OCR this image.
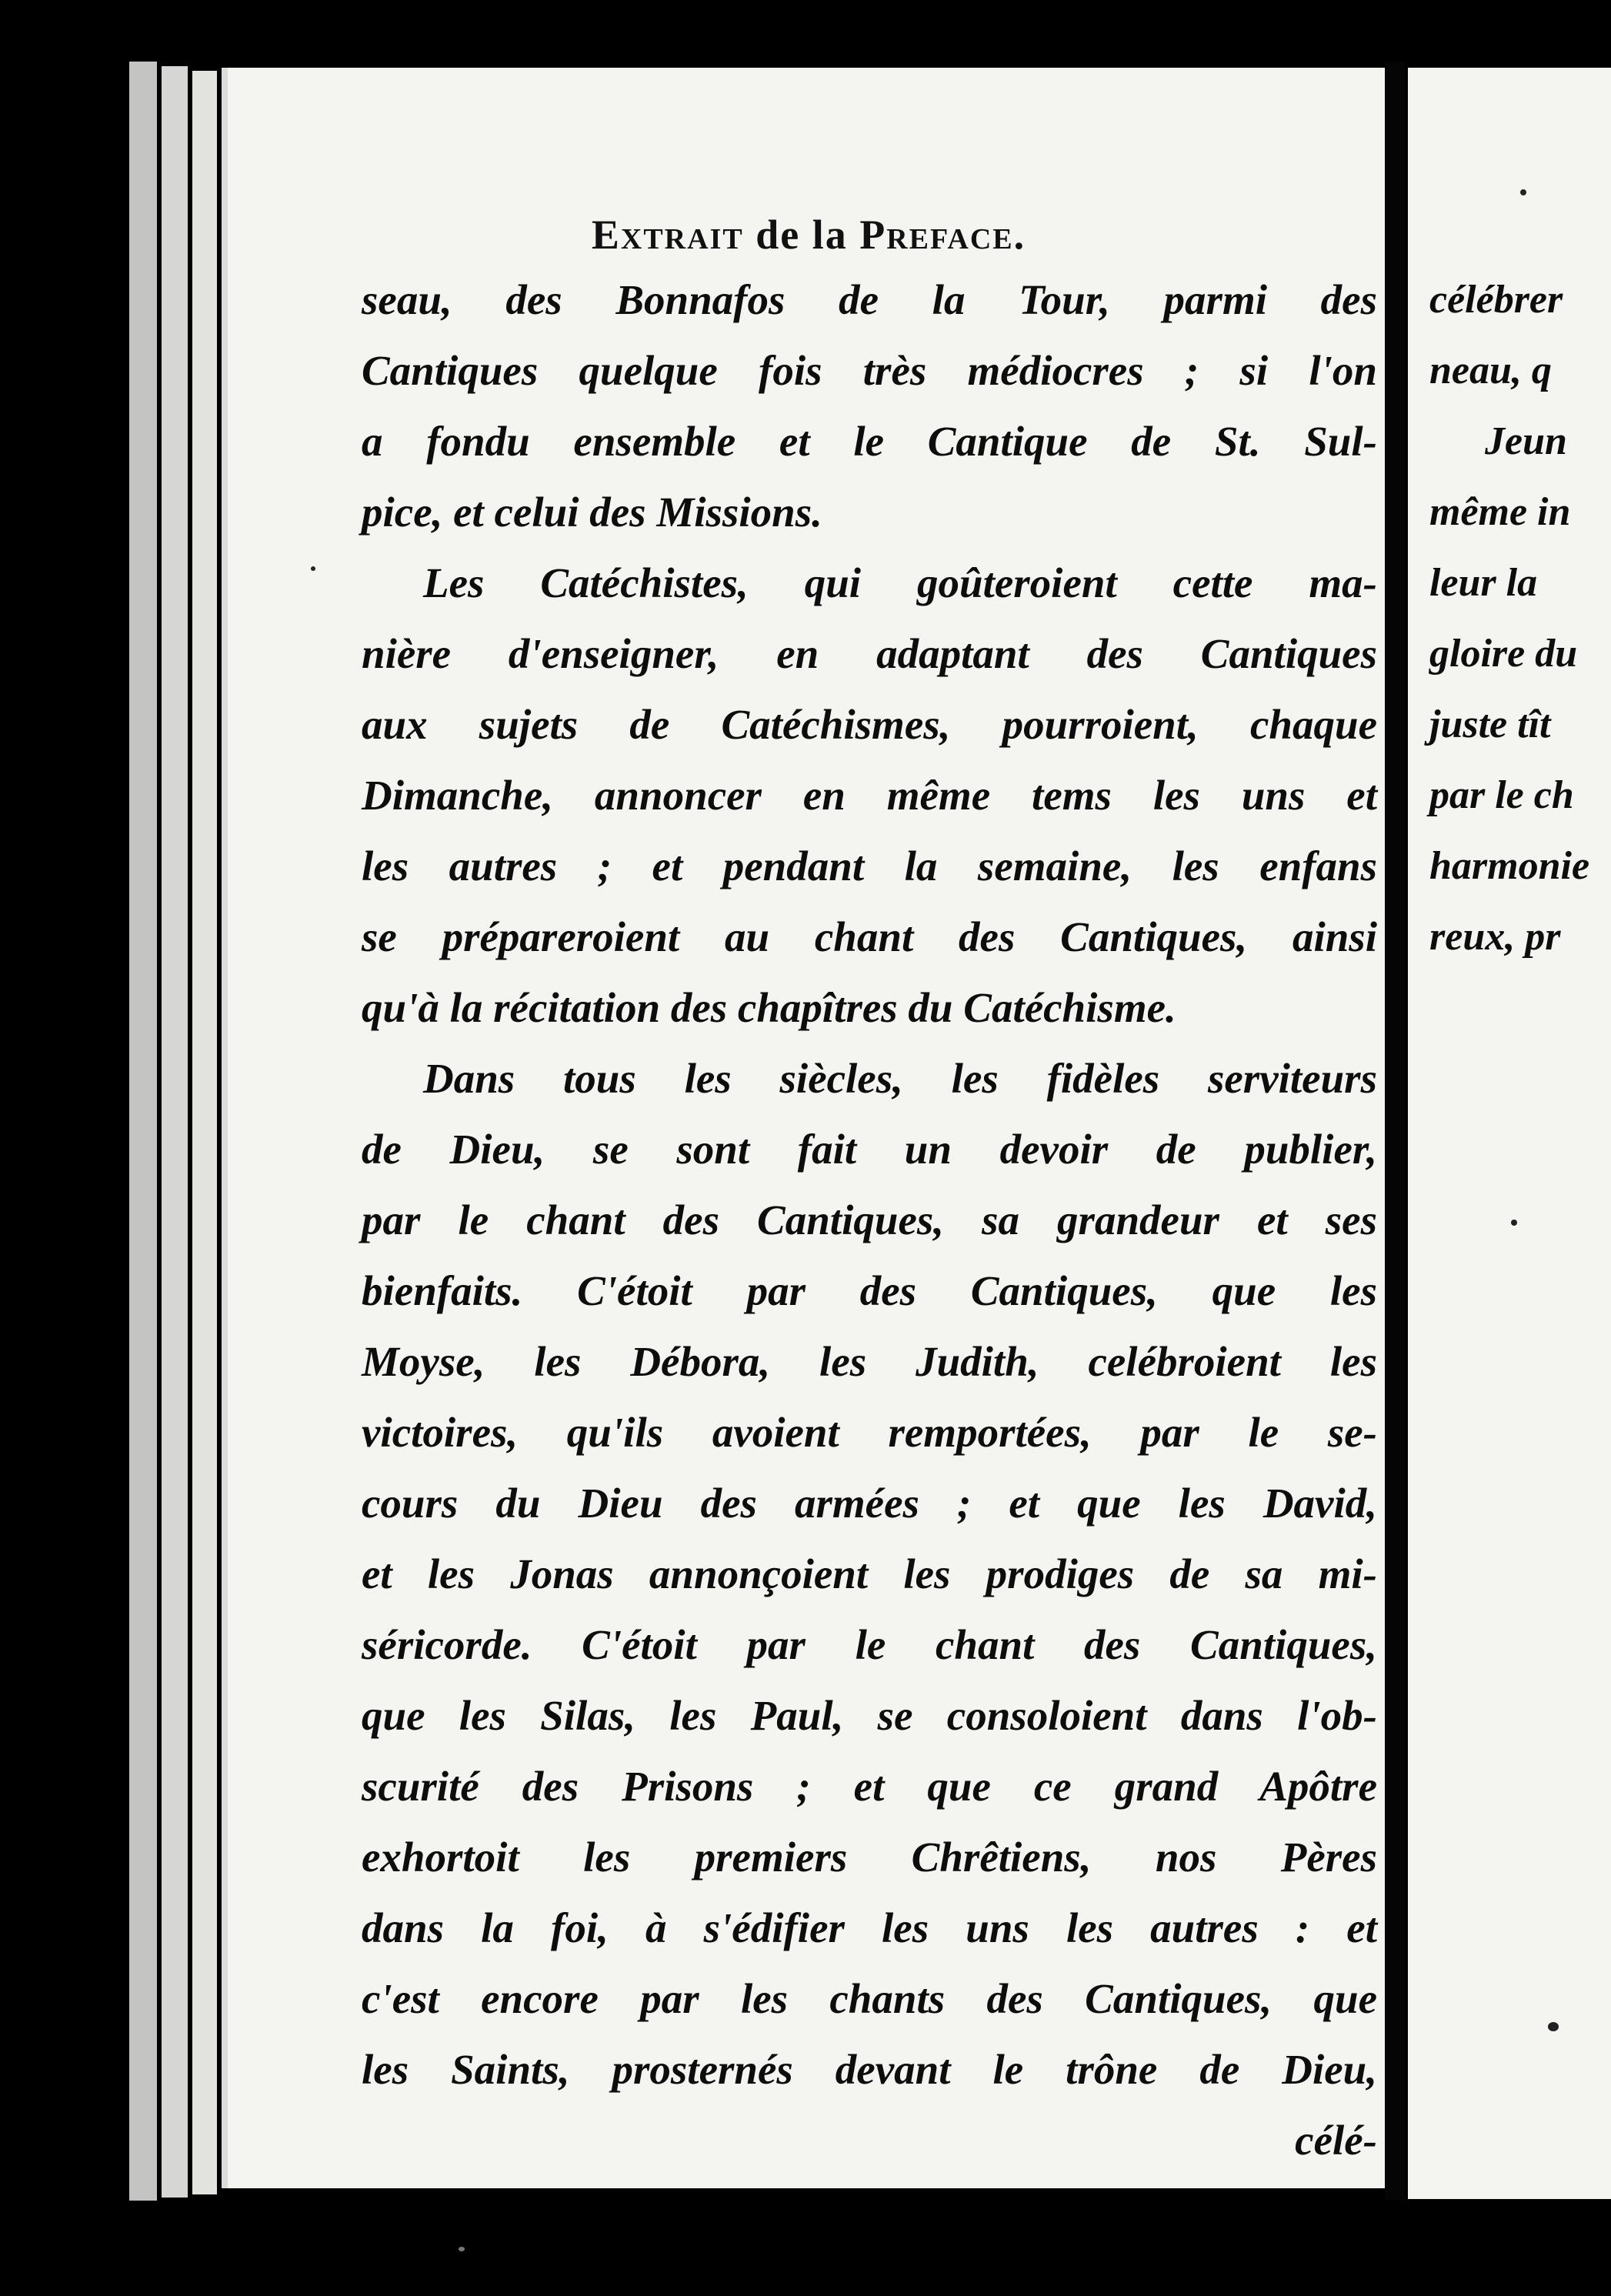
Extrait de la Preface.
seau, des Bonnafos de la Tour, parmi des
Cantiques quelque fois très médiocres ; si l'on
a fondu ensemble et le Cantique de St. Sul-
pice, et celui des Missions.
Les Catéchistes, qui goûteroient cette ma-
nière d'enseigner, en adaptant des Cantiques
aux sujets de Catéchismes, pourroient, chaque
Dimanche, annoncer en même tems les uns et
les autres ; et pendant la semaine, les enfans
se prépareroient au chant des Cantiques, ainsi
qu'à la récitation des chapîtres du Catéchisme.
Dans tous les siècles, les fidèles serviteurs
de Dieu, se sont fait un devoir de publier,
par le chant des Cantiques, sa grandeur et ses
bienfaits. C'étoit par des Cantiques, que les
Moyse, les Débora, les Judith, celébroient les
victoires, qu'ils avoient remportées, par le se-
cours du Dieu des armées ; et que les David,
et les Jonas annonçoient les prodiges de sa mi-
séricorde. C'étoit par le chant des Cantiques,
que les Silas, les Paul, se consoloient dans l'ob-
scurité des Prisons ; et que ce grand Apôtre
exhortoit les premiers Chrêtiens, nos Pères
dans la foi, à s'édifier les uns les autres : et
c'est encore par les chants des Cantiques, que
les Saints, prosternés devant le trône de Dieu,
célé-
célébrer
neau, q
Jeun
même in
leur la
gloire du
juste tît
par le ch
harmonie
reux, pr
